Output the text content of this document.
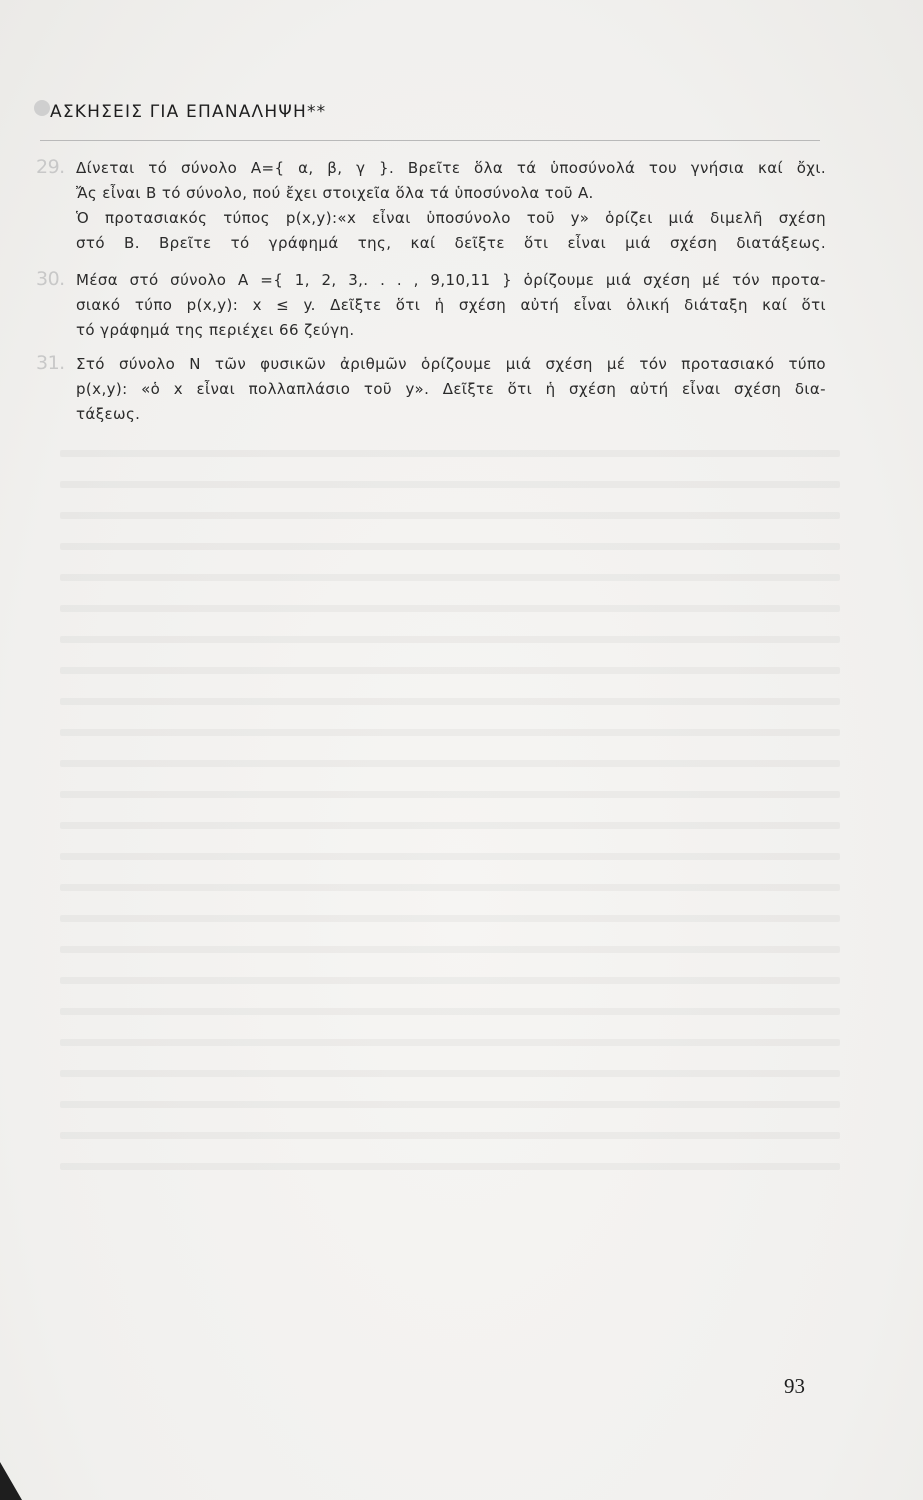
ΑΣΚΗΣΕΙΣ ΓΙΑ ΕΠΑΝΑΛΗΨΗ**
29. Δίνεται τό σύνολο A={ α, β, γ }. Βρεῖτε ὅλα τά ὑποσύνολά του γνήσια καί ὄχι.
Ἄς εἶναι B τό σύνολο, πού ἔχει στοιχεῖα ὅλα τά ὑποσύνολα τοῦ A.
Ὁ προτασιακός τύπος p(x,y):«x εἶναι ὑποσύνολο τοῦ y» ὁρίζει μιά διμελῆ σχέση
στό B. Βρεῖτε τό γράφημά της, καί δεῖξτε ὅτι εἶναι μιά σχέση διατάξεως.
30. Μέσα στό σύνολο A ={ 1, 2, 3,. . . , 9,10,11 } ὁρίζουμε μιά σχέση μέ τόν προτα-
σιακό τύπο p(x,y): x ≤ y. Δεῖξτε ὅτι ἡ σχέση αὐτή εἶναι ὁλική διάταξη καί ὅτι
τό γράφημά της περιέχει 66 ζεύγη.
31. Στό σύνολο N τῶν φυσικῶν ἀριθμῶν ὁρίζουμε μιά σχέση μέ τόν προτασιακό τύπο
p(x,y): «ὁ x εἶναι πολλαπλάσιο τοῦ y». Δεῖξτε ὅτι ἡ σχέση αὐτή εἶναι σχέση δια-
τάξεως.
93
